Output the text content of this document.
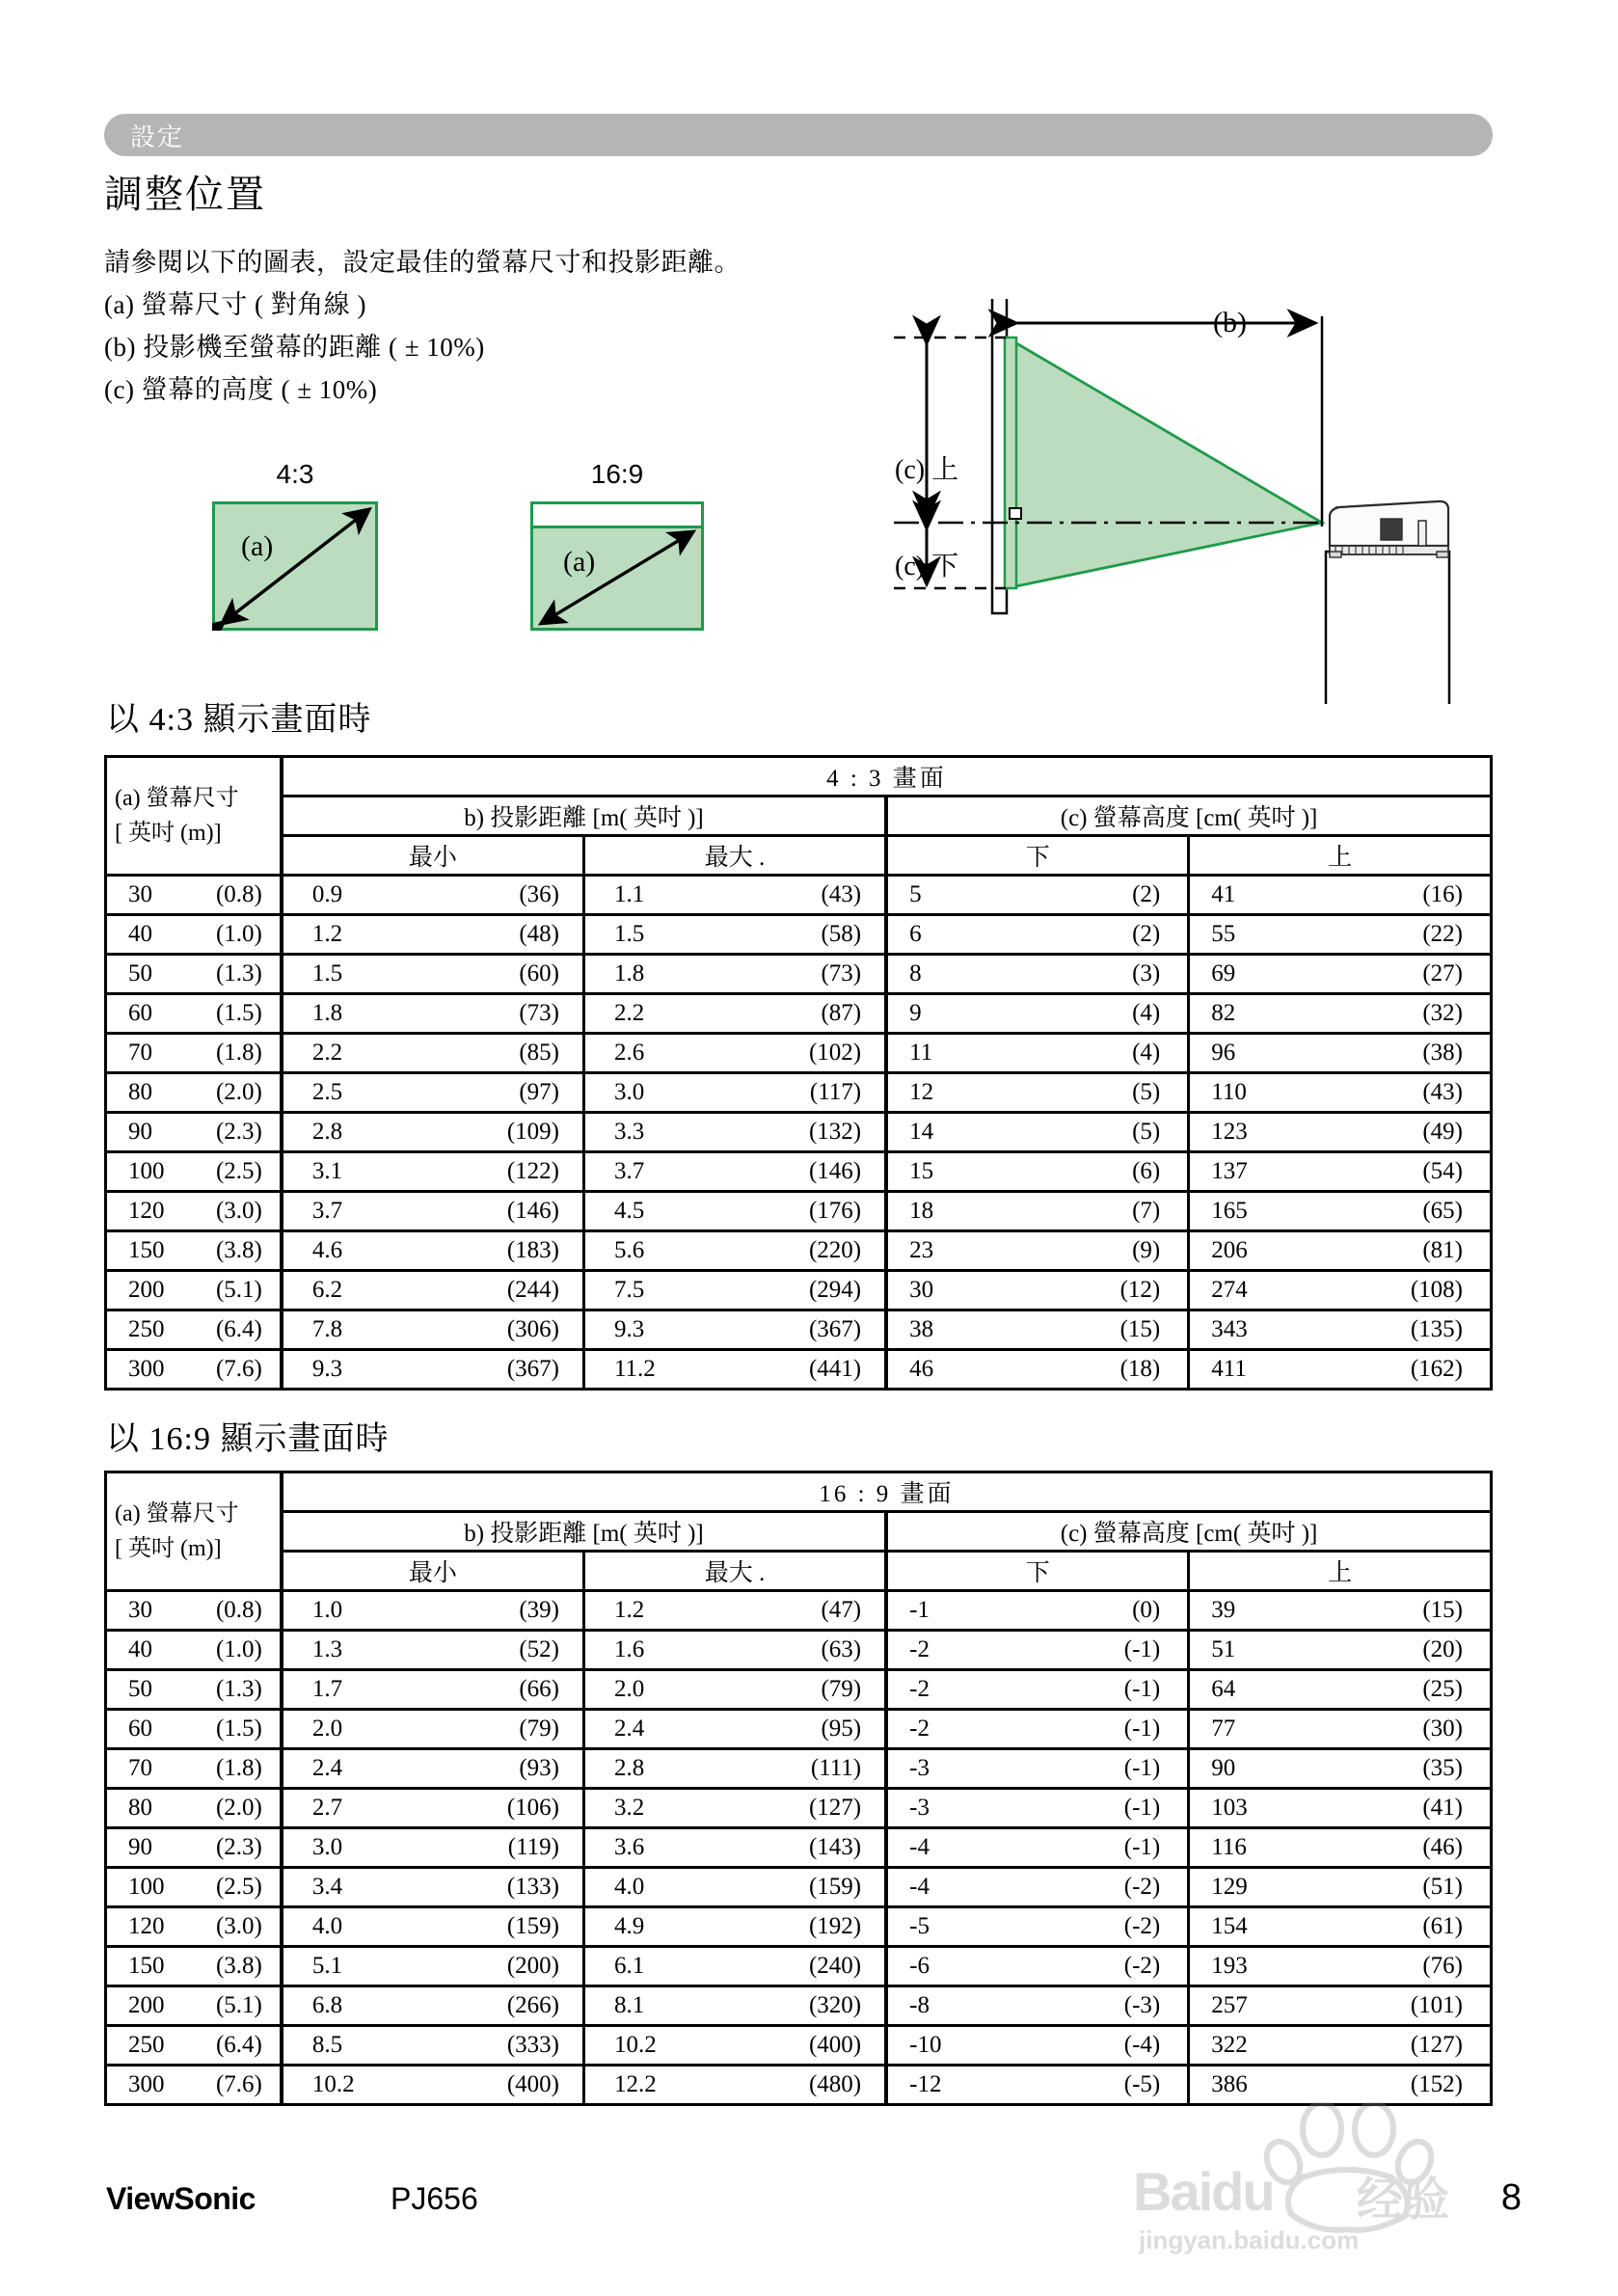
設定
調整位置
請參閱以下的圖表，設定最佳的螢幕尺寸和投影距離。
(a) 螢幕尺寸 ( 對角線 )
(b) 投影機至螢幕的距離 ( ± 10%)
(c) 螢幕的高度 ( ± 10%)
4:3
(a)
16:9
(a)
(b)
(c) 上
(c) 下
以 4:3 顯示畫面時
(a) 螢幕尺寸
[ 英吋 (m)]	4 : 3 畫面			
	b) 投影距離 [m( 英吋 )]		(c) 螢幕高度 [cm( 英吋 )]	
	最小	最大 .	下	上

30 (0.8)	0.9 (36)	1.1 (43)	5 (2)	41 (16)

40 (1.0)	1.2 (48)	1.5 (58)	6 (2)	55 (22)

50 (1.3)	1.5 (60)	1.8 (73)	8 (3)	69 (27)

60 (1.5)	1.8 (73)	2.2 (87)	9 (4)	82 (32)

70 (1.8)	2.2 (85)	2.6 (102)	11 (4)	96 (38)

80 (2.0)	2.5 (97)	3.0 (117)	12 (5)	110 (43)

90 (2.3)	2.8 (109)	3.3 (132)	14 (5)	123 (49)

100 (2.5)	3.1 (122)	3.7 (146)	15 (6)	137 (54)

120 (3.0)	3.7 (146)	4.5 (176)	18 (7)	165 (65)

150 (3.8)	4.6 (183)	5.6 (220)	23 (9)	206 (81)

200 (5.1)	6.2 (244)	7.5 (294)	30 (12)	274 (108)

250 (6.4)	7.8 (306)	9.3 (367)	38 (15)	343 (135)

300 (7.6)	9.3 (367)	11.2 (441)	46 (18)	411 (162)
以 16:9 顯示畫面時
(a) 螢幕尺寸
[ 英吋 (m)]	16 : 9 畫面			
	b) 投影距離 [m( 英吋 )]		(c) 螢幕高度 [cm( 英吋 )]	
	最小	最大 .	下	上

30 (0.8)	1.0 (39)	1.2 (47)	-1 (0)	39 (15)

40 (1.0)	1.3 (52)	1.6 (63)	-2 (-1)	51 (20)

50 (1.3)	1.7 (66)	2.0 (79)	-2 (-1)	64 (25)

60 (1.5)	2.0 (79)	2.4 (95)	-2 (-1)	77 (30)

70 (1.8)	2.4 (93)	2.8 (111)	-3 (-1)	90 (35)

80 (2.0)	2.7 (106)	3.2 (127)	-3 (-1)	103 (41)

90 (2.3)	3.0 (119)	3.6 (143)	-4 (-1)	116 (46)

100 (2.5)	3.4 (133)	4.0 (159)	-4 (-2)	129 (51)

120 (3.0)	4.0 (159)	4.9 (192)	-5 (-2)	154 (61)

150 (3.8)	5.1 (200)	6.1 (240)	-6 (-2)	193 (76)

200 (5.1)	6.8 (266)	8.1 (320)	-8 (-3)	257 (101)

250 (6.4)	8.5 (333)	10.2 (400)	-10 (-4)	322 (127)

300 (7.6)	10.2 (400)	12.2 (480)	-12 (-5)	386 (152)
ViewSonic	PJ656	8
Baidu 经验
jingyan.baidu.com
